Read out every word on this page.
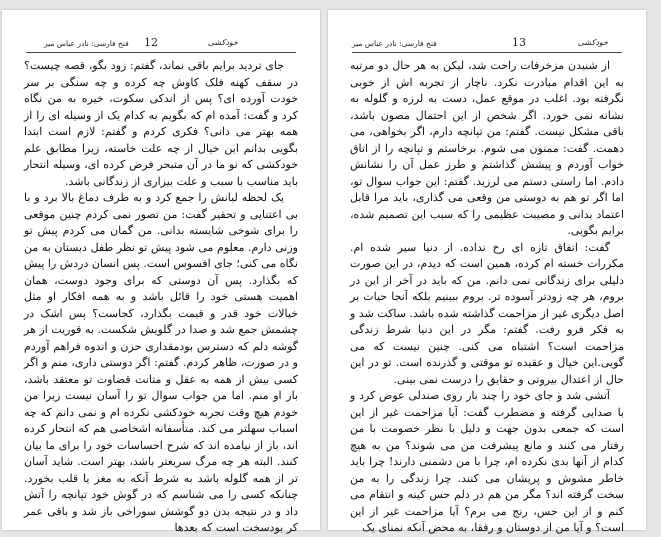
فتح فارسی: نادر عباس میر 12	خودکشی

جای تردید برایم باقی نماند، گفتم: زود بگو، قصه چیست؟ در سقف کهنه فلک کاوش چه کرده و چه سنگی بر سر خودت آورده ای؟ پس از اندکی سکوت، خیره به من نگاه کرد و گفت: آمده ام که بگویم به کدام یک از وسیله ای را از همه بهتر می دانی؟ فکری کردم و گفتم: لازم است ابتدا بگویی بدانم این خیال از چه علت خاسته، زیرا مطابق علم خودکشی که نو ما در آن متبحر فرض کرده ای، وسیله انتحار باید مناسب با سبب و علت بیزاری از زندگانی باشد.

یک لحظه لبانش را جمع کرد و به طرف دماغ بالا برد و با بی اعتنایی و تحقیر گفت: من تصور نمی کردم چنین موقعی را برای شوخی شایسته بدانی. من گمان می کردم پیش تو وزنی دارم. معلوم می شود پیش تو نظر طفل دبستان به من نگاه می کنی؛ جای افسوس است. پس انسان دردش را پیش که بگذارد. پس آن دوستی که برای وجود دوست، همان اهمیت هستی خود را قائل باشد و به همه افکار او مثل خیالات خود قدر و قیمت بگذارد، کجاست؟ پس اشک در چشمش جمع شد و صدا در گلویش شکست. به قوریت از هر گوشه دلم که دسترس بودمقداری حزن و اندوه فراهم آوردم و در صورت، ظاهر کردم. گفتم: اگر دوستی داری، منم و اگر کسی بیش از همه به عقل و متانت قضاوت تو معتقد باشد، باز او منم. اما من جواب سوال تو را آسان نیست زیرا من خودم هیچ وقت تجربه خودکشی نکرده ام و نمی دانم که چه اسباب سهلتر می کند. متأسفانه اشخاصی هم که انتحار کرده اند، باز از نیامده اند که شرح احساسات خود را برای ما بیان کنند. البته هر چه مرگ سریعتر باشد، بهتر است. شاید آسان تر از همه گلوله باشد به شرط آنکه به مغز یا قلب بخورد. چنانکه کسی را می شناسم که در گوش خود تپانچه را آتش داد و در نتیجه بدن دو گوشش سوراخی باز شد و باقی عمر کر بودسخت است که بعدها

فتح فارسی: نادر عباس میر	13	خودکشی

از شنیدن مزخرفات راحت شد، لیکن به هر حال دو مرتبه به این اقدام مبادرت نکرد. ناچار از تجربه اش از خوبی نگرفته بود. اغلب در موقع عمل، دست به لرزه و گلوله به نشانه نمی خورد. اگر شخص از این احتمال مصون باشد، باقی مشکل نیست. گفتم: من تپانچه دارم، اگر بخواهی، می دهمت. گفت: ممنون می شوم. برخاستم و تپانچه را از اتاق خواب آوردم و پیشش گذاشتم و طرز عمل آن را نشانش دادم. اما راستی دستم می لرزید. گفتم: این جواب سوال تو، اما اگر تو هم به دوستی من وقعی می گذاری، باید مرا قابل اعتماد بدانی و مصیبت عظیمی را که سبب این تصمیم شده، برایم بگویی.

گفت: اتفاق تازه ای رخ نداده. از دنیا سیر شده ام. مکررات خسته ام کرده، همین است که دیدم، در این صورت دلیلی برای زندگانی نمی دانم. من که باید در آخر از این در بروم، هر چه زودتر آسوده تر. بروم ببینیم بلکه آنجا حیات بر اصل دیگری غیر از مزاحمت گذاشته شده باشد. ساکت شد و به فکر فرو رفت. گفتم: مگر در این دنیا شرط زندگی مزاحمت است؟ اشتباه می کنی. چنین نیست که می گویی.این خیال و عقیده تو موقتی و گذرنده است. تو در این حال از اعتدال بیرونی و حقایق را درست نمی بینی.

آتشی شد و جای خود را چند بار روی صندلی عوض کرد و با صدایی گرفته و مضطرب گفت: آیا مزاحمت غیر از این است که جمعی بدون جهت و دلیل با نظر خصومت با من رفتار می کنند و مانع پیشرفت من می شوند؟ من به هیچ کدام از آنها بدی نکرده ام، چرا با من دشمنی دارند! چرا باید خاطر مشوش و پریشان می کنند. چرا زندگی را به من سخت گرفته اند؟ مگر من هم در دلم حس کینه و انتقام می کنم و از این حس، رنج می برم؟ آیا مزاحمت غیر از این است؟ و آیا من از دوستان و رفقا، به محض آنکه نمنای یک
